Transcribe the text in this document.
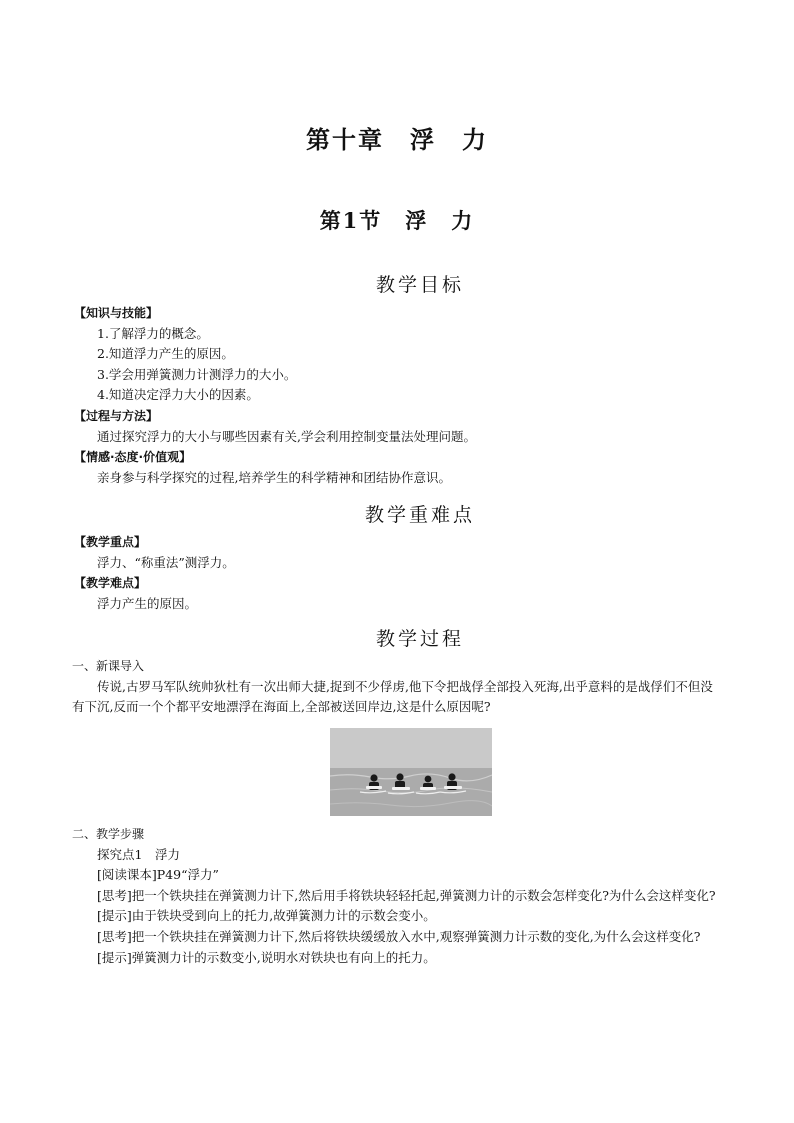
第十章　浮　力
第1节　浮　力
教学目标

【知识与技能】

1.了解浮力的概念。

2.知道浮力产生的原因。

3.学会用弹簧测力计测浮力的大小。

4.知道决定浮力大小的因素。

【过程与方法】

通过探究浮力的大小与哪些因素有关,学会利用控制变量法处理问题。

【情感·态度·价值观】

亲身参与科学探究的过程,培养学生的科学精神和团结协作意识。

教学重难点

【教学重点】

浮力、“称重法”测浮力。

【教学难点】

浮力产生的原因。

教学过程

一、新课导入

传说,古罗马军队统帅狄杜有一次出师大捷,捉到不少俘虏,他下令把战俘全部投入死海,出乎意料的是战俘们不但没有下沉,反而一个个都平安地漂浮在海面上,全部被送回岸边,这是什么原因呢?

二、教学步骤

探究点1　浮力

[阅读课本]P49“浮力”

[思考]把一个铁块挂在弹簧测力计下,然后用手将铁块轻轻托起,弹簧测力计的示数会怎样变化?为什么会这样变化?

[提示]由于铁块受到向上的托力,故弹簧测力计的示数会变小。

[思考]把一个铁块挂在弹簧测力计下,然后将铁块缓缓放入水中,观察弹簧测力计示数的变化,为什么会这样变化?

[提示]弹簧测力计的示数变小,说明水对铁块也有向上的托力。
